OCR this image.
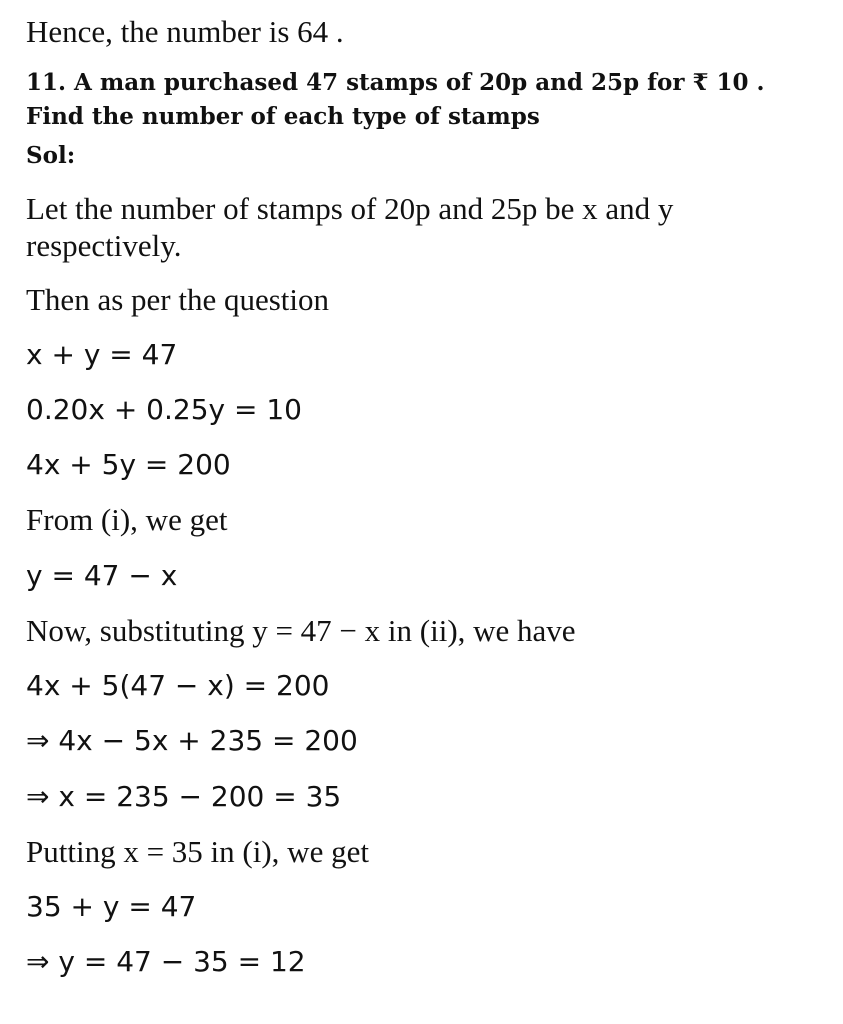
Hence, the number is 64 .
11. A man purchased 47 stamps of 20p and 25p for ₹ 10 .
Find the number of each type of stamps
Sol:
Let the number of stamps of 20p and 25p be x and y
respectively.
Then as per the question
x + y = 47
0.20x + 0.25y = 10
4x + 5y = 200
From (i), we get
y = 47 − x
Now, substituting y = 47 − x in (ii), we have
4x + 5(47 − x) = 200
⇒ 4x − 5x + 235 = 200
⇒ x = 235 − 200 = 35
Putting x = 35 in (i), we get
35 + y = 47
⇒ y = 47 − 35 = 12
